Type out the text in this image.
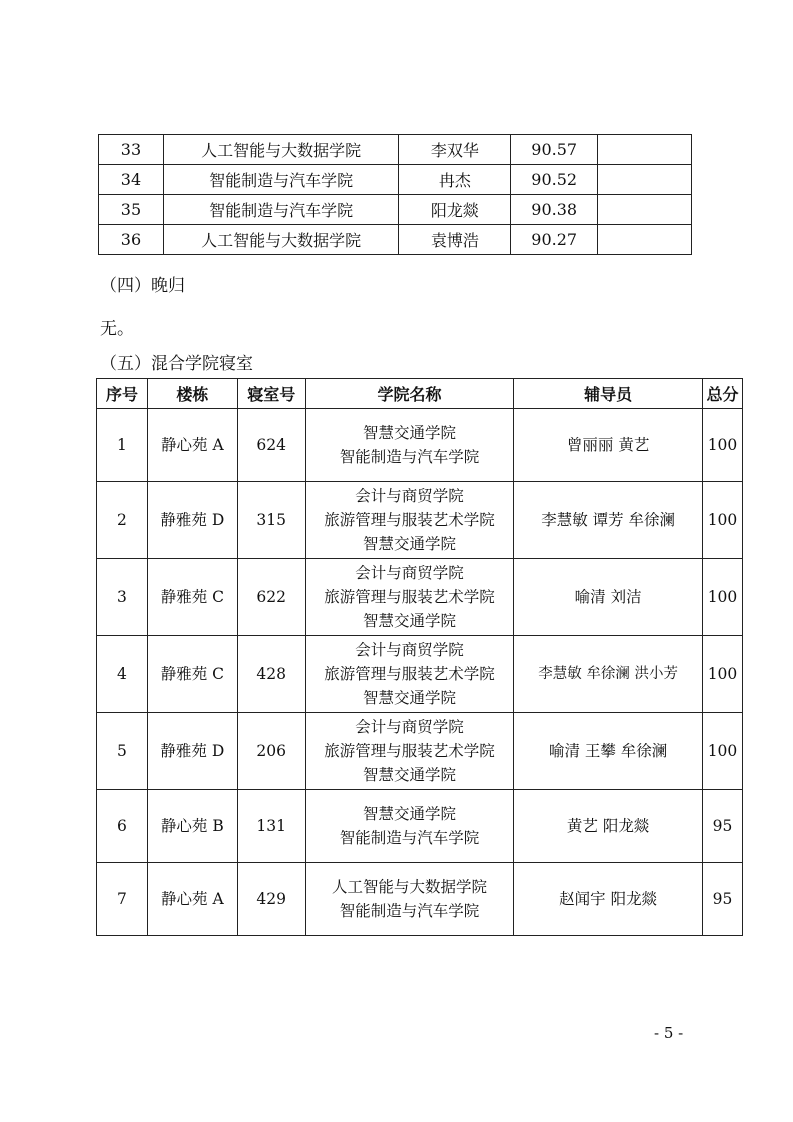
33	人工智能与大数据学院	李双华	90.57	
34	智能制造与汽车学院	冉杰	90.52	
35	智能制造与汽车学院	阳龙燚	90.38	
36	人工智能与大数据学院	袁博浩	90.27	
（四）晚归
无。
（五）混合学院寝室
序号	楼栋	寝室号	学院名称	辅导员	总分
1	静心苑 A	624	智慧交通学院
智能制造与汽车学院	曾丽丽 黄艺	100
2	静雅苑 D	315	会计与商贸学院
旅游管理与服装艺术学院
智慧交通学院	李慧敏 谭芳 牟徐澜	100
3	静雅苑 C	622	会计与商贸学院
旅游管理与服装艺术学院
智慧交通学院	喻清 刘洁	100
4	静雅苑 C	428	会计与商贸学院
旅游管理与服装艺术学院
智慧交通学院	李慧敏 牟徐澜 洪小芳	100
5	静雅苑 D	206	会计与商贸学院
旅游管理与服装艺术学院
智慧交通学院	喻清 王攀 牟徐澜	100
6	静心苑 B	131	智慧交通学院
智能制造与汽车学院	黄艺 阳龙燚	95
7	静心苑 A	429	人工智能与大数据学院
智能制造与汽车学院	赵闻宇 阳龙燚	95
- 5 -
